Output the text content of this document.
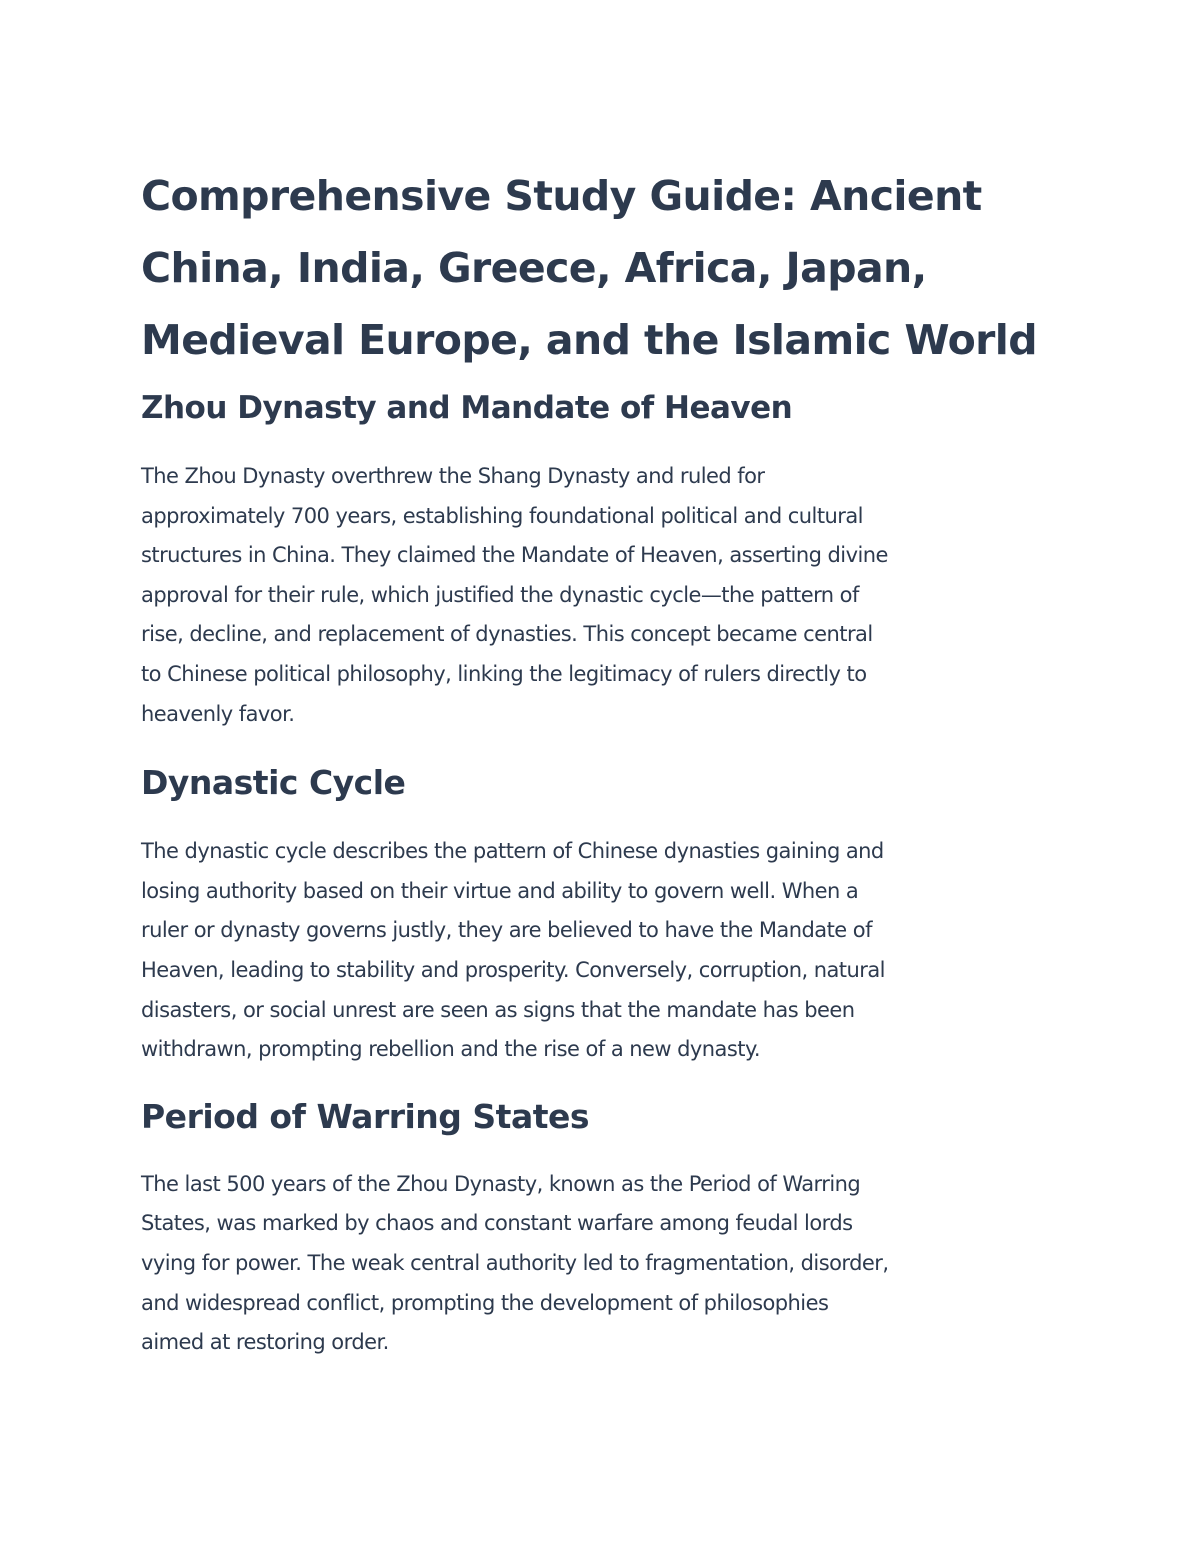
Comprehensive Study Guide: Ancient
China, India, Greece, Africa, Japan,
Medieval Europe, and the Islamic World
Zhou Dynasty and Mandate of Heaven

The Zhou Dynasty overthrew the Shang Dynasty and ruled for
approximately 700 years, establishing foundational political and cultural
structures in China. They claimed the Mandate of Heaven, asserting divine
approval for their rule, which justified the dynastic cycle—the pattern of
rise, decline, and replacement of dynasties. This concept became central
to Chinese political philosophy, linking the legitimacy of rulers directly to
heavenly favor.

Dynastic Cycle

The dynastic cycle describes the pattern of Chinese dynasties gaining and
losing authority based on their virtue and ability to govern well. When a
ruler or dynasty governs justly, they are believed to have the Mandate of
Heaven, leading to stability and prosperity. Conversely, corruption, natural
disasters, or social unrest are seen as signs that the mandate has been
withdrawn, prompting rebellion and the rise of a new dynasty.

Period of Warring States

The last 500 years of the Zhou Dynasty, known as the Period of Warring
States, was marked by chaos and constant warfare among feudal lords
vying for power. The weak central authority led to fragmentation, disorder,
and widespread conflict, prompting the development of philosophies
aimed at restoring order.
